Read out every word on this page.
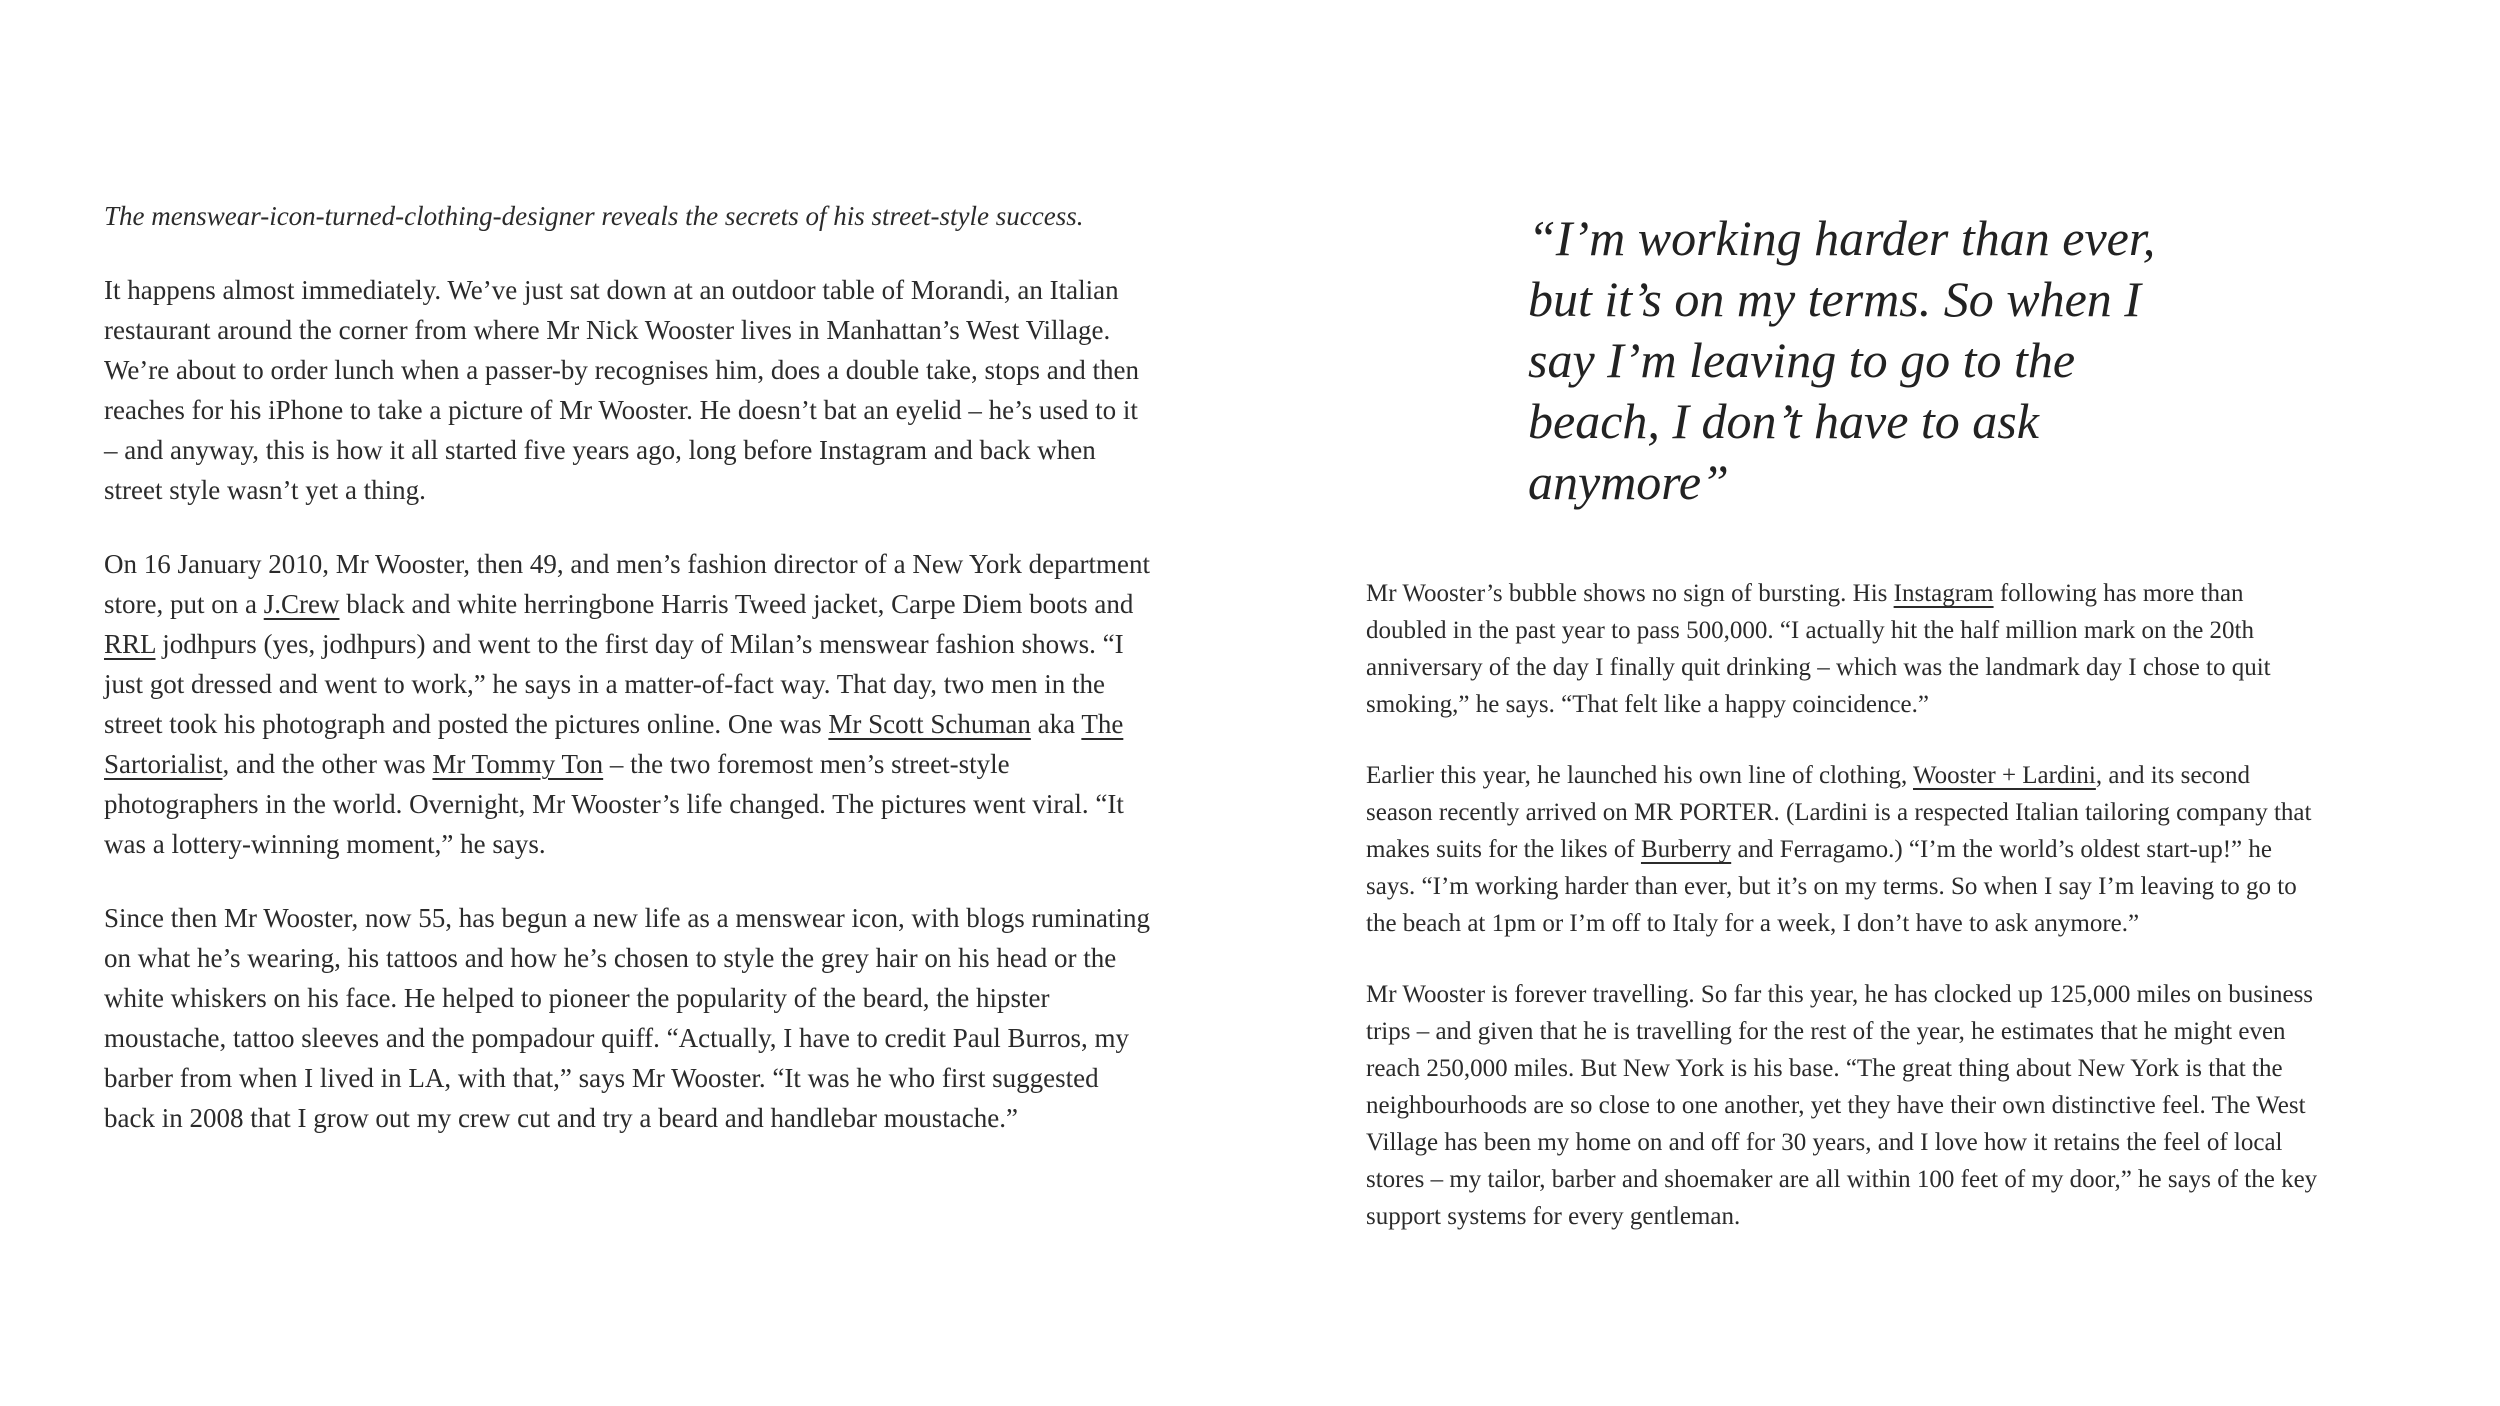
The menswear-icon-turned-clothing-designer reveals the secrets of his street-style success.

It happens almost immediately. We’ve just sat down at an outdoor table of Morandi, an Italian restaurant around the corner from where Mr Nick Wooster lives in Manhattan’s West Village. We’re about to order lunch when a passer-by recognises him, does a double take, stops and then reaches for his iPhone to take a picture of Mr Wooster. He doesn’t bat an eyelid – he’s used to it – and anyway, this is how it all started five years ago, long before Instagram and back when street style wasn’t yet a thing.

On 16 January 2010, Mr Wooster, then 49, and men’s fashion director of a New York department store, put on a J.Crew black and white herringbone Harris Tweed jacket, Carpe Diem boots and RRL jodhpurs (yes, jodhpurs) and went to the first day of Milan’s menswear fashion shows. “I just got dressed and went to work,” he says in a matter-of-fact way. That day, two men in the street took his photograph and posted the pictures online. One was Mr Scott Schuman aka The Sartorialist, and the other was Mr Tommy Ton – the two foremost men’s street-style photographers in the world. Overnight, Mr Wooster’s life changed. The pictures went viral. “It was a lottery-winning moment,” he says.

Since then Mr Wooster, now 55, has begun a new life as a menswear icon, with blogs ruminating on what he’s wearing, his tattoos and how he’s chosen to style the grey hair on his head or the white whiskers on his face. He helped to pioneer the popularity of the beard, the hipster moustache, tattoo sleeves and the pompadour quiff. “Actually, I have to credit Paul Burros, my barber from when I lived in LA, with that,” says Mr Wooster. “It was he who first suggested back in 2008 that I grow out my crew cut and try a beard and handlebar moustache.”

“I’m working harder than ever, but it’s on my terms. So when I say I’m leaving to go to the beach, I don’t have to ask anymore”

Mr Wooster’s bubble shows no sign of bursting. His Instagram following has more than doubled in the past year to pass 500,000. “I actually hit the half million mark on the 20th anniversary of the day I finally quit drinking – which was the landmark day I chose to quit smoking,” he says. “That felt like a happy coincidence.”

Earlier this year, he launched his own line of clothing, Wooster + Lardini, and its second season recently arrived on MR PORTER. (Lardini is a respected Italian tailoring company that makes suits for the likes of Burberry and Ferragamo.) “I’m the world’s oldest start-up!” he says. “I’m working harder than ever, but it’s on my terms. So when I say I’m leaving to go to the beach at 1pm or I’m off to Italy for a week, I don’t have to ask anymore.”

Mr Wooster is forever travelling. So far this year, he has clocked up 125,000 miles on business trips – and given that he is travelling for the rest of the year, he estimates that he might even reach 250,000 miles. But New York is his base. “The great thing about New York is that the neighbourhoods are so close to one another, yet they have their own distinctive feel. The West Village has been my home on and off for 30 years, and I love how it retains the feel of local stores – my tailor, barber and shoemaker are all within 100 feet of my door,” he says of the key support systems for every gentleman.
